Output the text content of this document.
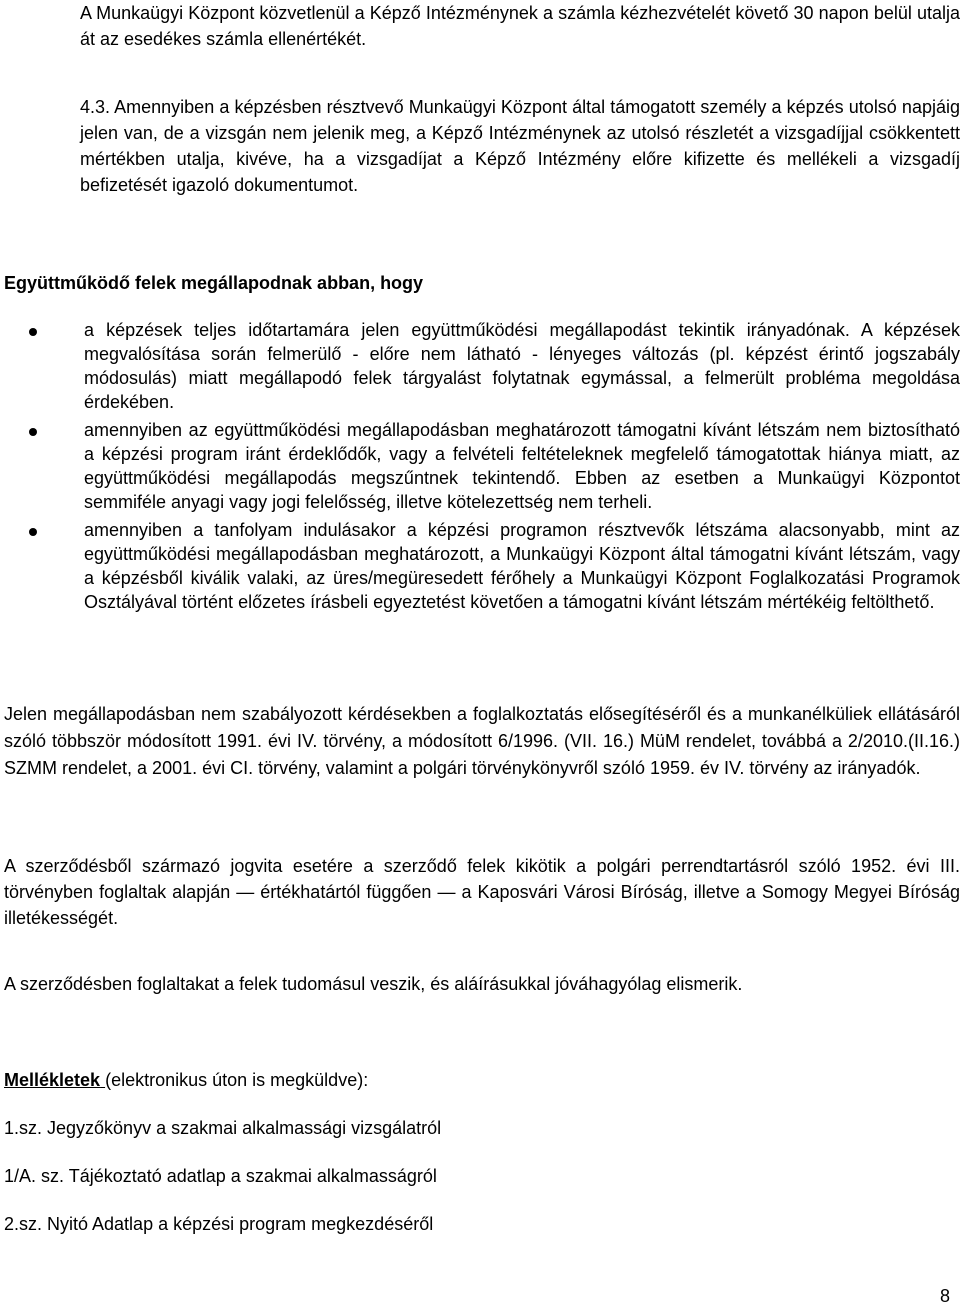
A Munkaügyi Központ közvetlenül a Képző Intézménynek a számla kézhezvételét követő 30 napon belül utalja át az esedékes számla ellenértékét.
4.3. Amennyiben a képzésben résztvevő Munkaügyi Központ által támogatott személy a képzés utolsó napjáig jelen van, de a vizsgán nem jelenik meg, a Képző Intézménynek az utolsó részletét a vizsgadíjjal csökkentett mértékben utalja, kivéve, ha a vizsgadíjat a Képző Intézmény előre kifizette és mellékeli a vizsgadíj befizetését igazoló dokumentumot.
Együttműködő felek megállapodnak abban, hogy
a képzések teljes időtartamára jelen együttműködési megállapodást tekintik irányadónak. A képzések megvalósítása során felmerülő - előre nem látható - lényeges változás (pl. képzést érintő jogszabály módosulás) miatt megállapodó felek tárgyalást folytatnak egymással, a felmerült probléma megoldása érdekében.
amennyiben az együttműködési megállapodásban meghatározott támogatni kívánt létszám nem biztosítható a képzési program iránt érdeklődők, vagy a felvételi feltételeknek megfelelő támogatottak hiánya miatt, az együttműködési megállapodás megszűntnek tekintendő. Ebben az esetben a Munkaügyi Központot semmiféle anyagi vagy jogi felelősség, illetve kötelezettség nem terheli.
amennyiben a tanfolyam indulásakor a képzési programon résztvevők létszáma alacsonyabb, mint az együttműködési megállapodásban meghatározott, a Munkaügyi Központ által támogatni kívánt létszám, vagy a képzésből kiválik valaki, az üres/megüresedett férőhely a Munkaügyi Központ Foglalkozatási Programok Osztályával történt előzetes írásbeli egyeztetést követően a támogatni kívánt létszám mértékéig feltölthető.
Jelen megállapodásban nem szabályozott kérdésekben a foglalkoztatás elősegítéséről és a munkanélküliek ellátásáról szóló többször módosított 1991. évi IV. törvény, a módosított 6/1996. (VII. 16.) MüM rendelet, továbbá a 2/2010.(II.16.) SZMM rendelet, a 2001. évi CI. törvény, valamint a polgári törvénykönyvről szóló 1959. év IV. törvény az irányadók.
A szerződésből származó jogvita esetére a szerződő felek kikötik a polgári perrendtartásról szóló 1952. évi III. törvényben foglaltak alapján — értékhatártól függően — a Kaposvári Városi Bíróság, illetve a Somogy Megyei Bíróság illetékességét.
A szerződésben foglaltakat a felek tudomásul veszik, és aláírásukkal jóváhagyólag elismerik.
Mellékletek (elektronikus úton is megküldve):
1.sz. Jegyzőkönyv a szakmai alkalmassági vizsgálatról
1/A. sz. Tájékoztató adatlap a szakmai alkalmasságról
2.sz. Nyitó Adatlap a képzési program megkezdéséről
8
